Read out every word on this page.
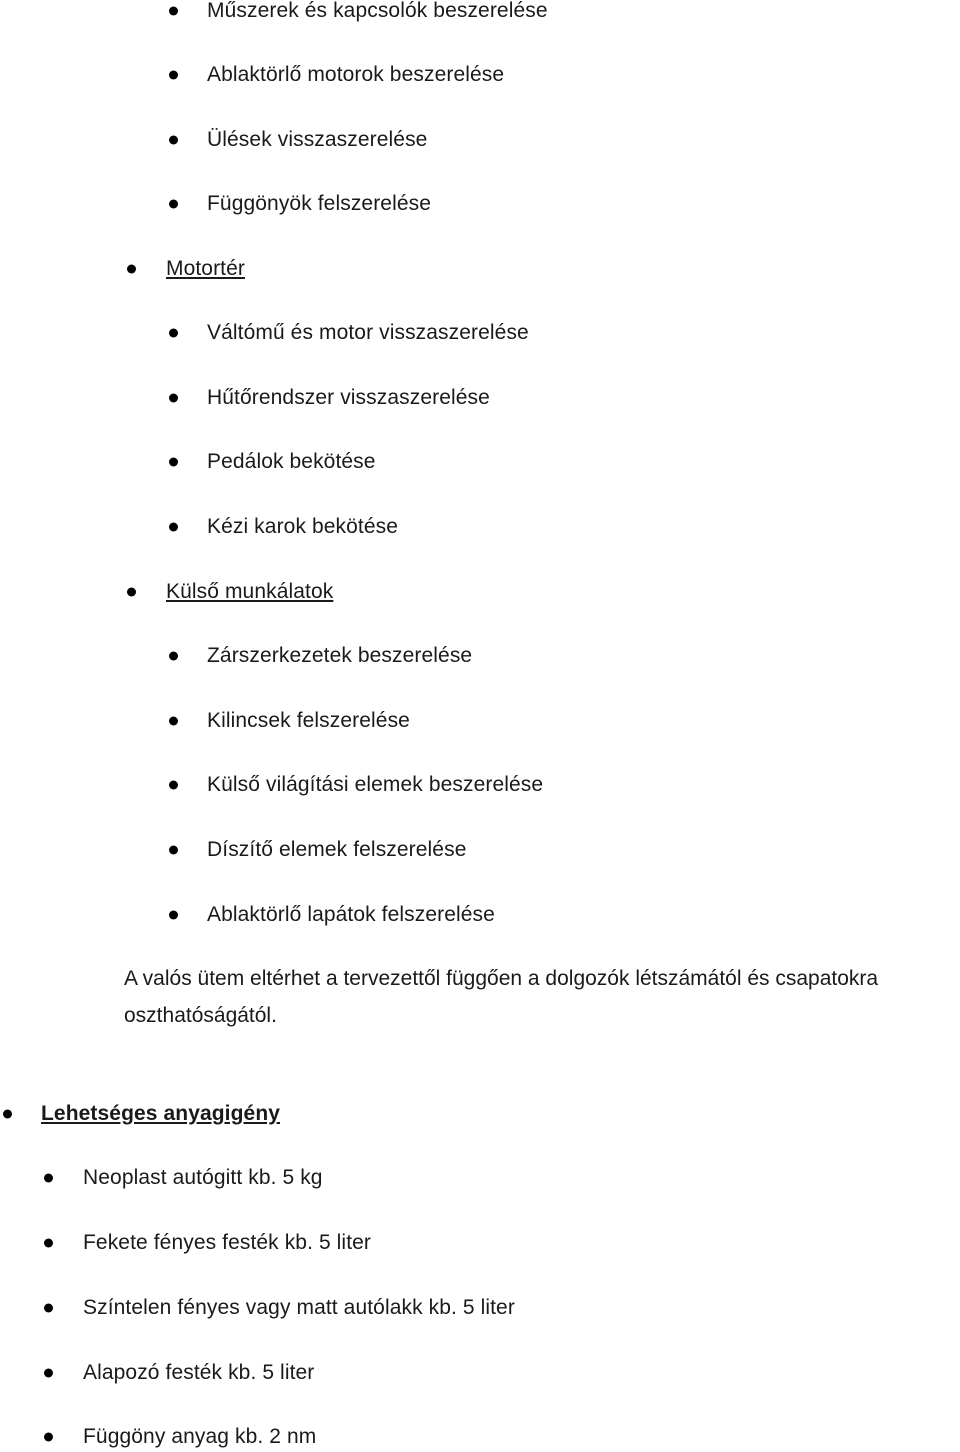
Műszerek és kapcsolók beszerelése
Ablaktörlő motorok beszerelése
Ülések visszaszerelése
Függönyök felszerelése
Motortér
Váltómű és motor visszaszerelése
Hűtőrendszer visszaszerelése
Pedálok bekötése
Kézi karok bekötése
Külső munkálatok
Zárszerkezetek beszerelése
Kilincsek felszerelése
Külső világítási elemek beszerelése
Díszítő elemek felszerelése
Ablaktörlő lapátok felszerelése
A valós ütem eltérhet a tervezettől függően a dolgozók létszámától és csapatokra
oszthatóságától.
Lehetséges anyagigény
Neoplast autógitt kb. 5 kg
Fekete fényes festék kb. 5 liter
Színtelen fényes vagy matt autólakk kb. 5 liter
Alapozó festék kb. 5 liter
Függöny anyag kb. 2 nm
